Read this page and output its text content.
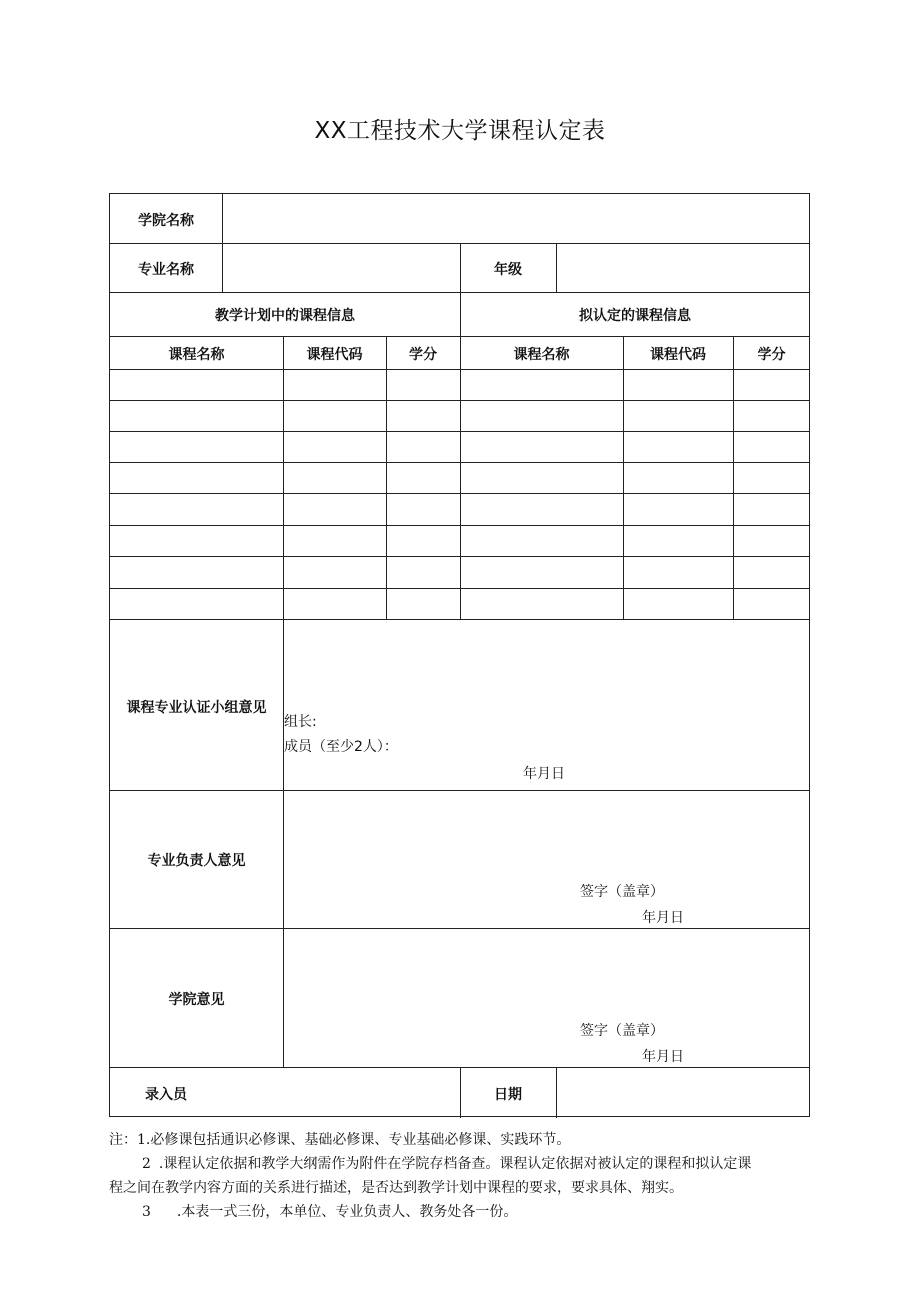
XX工程技术大学课程认定表
学院名称
专业名称	年级
教学计划中的课程信息	拟认定的课程信息
课程名称	课程代码	学分	课程名称	课程代码	学分
课程专业认证小组意见
组长:
成员（至少2人）：
年月日
专业负责人意见
签字（盖章）
年月日
学院意见
签字（盖章）
年月日
录入员	日期
注：1.必修课包括通识必修课、基础必修课、专业基础必修课、实践环节。
2 .课程认定依据和教学大纲需作为附件在学院存档备查。课程认定依据对被认定的课程和拟认定课
程之间在教学内容方面的关系进行描述，是否达到教学计划中课程的要求，要求具体、翔实。
3 .本表一式三份，本单位、专业负责人、教务处各一份。
